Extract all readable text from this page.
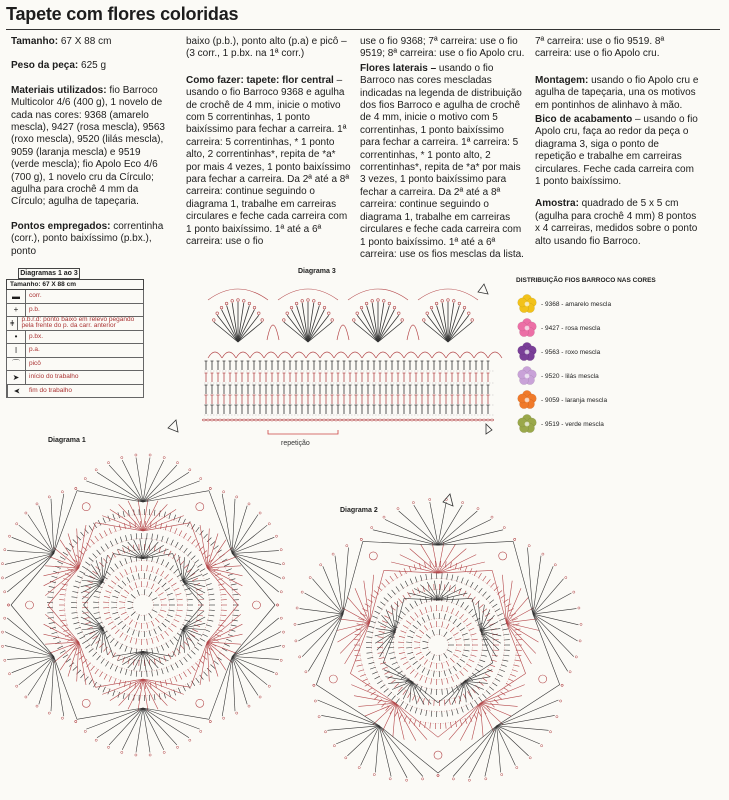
Tapete com flores coloridas

Tamanho: 67 X 88 cm

Peso da peça: 625 g

Materiais utilizados: fio Barroco Multicolor 4/6 (400 g), 1 novelo de cada nas cores: 9368 (amarelo mescla), 9427 (rosa mescla), 9563 (roxo mescla), 9520 (lilás mescla), 9059 (laranja mescla) e 9519 (verde mescla); fio Apolo Eco 4/6 (700 g), 1 novelo cru da Círculo; agulha para crochê 4 mm da Círculo; agulha de tapeçaria.

Pontos empregados: correntinha (corr.), ponto baixíssimo (p.bx.), ponto

baixo (p.b.), ponto alto (p.a) e picô – (3 corr., 1 p.bx. na 1ª corr.)

Como fazer: tapete: flor central – usando o fio Barroco 9368 e agulha de crochê de 4 mm, inicie o motivo com 5 correntinhas, 1 ponto baixíssimo para fechar a carreira. 1ª carreira: 5 correntinhas, * 1 ponto alto, 2 correntinhas*, repita de *a* por mais 4 vezes, 1 ponto baixíssimo para fechar a carreira. Da 2ª até a 8ª carreira: continue seguindo o diagrama 1, trabalhe em carreiras circulares e feche cada carreira com 1 ponto baixíssimo. 1ª até a 6ª carreira: use o fio

use o fio 9368; 7ª carreira: use o fio 9519; 8ª carreira: use o fio Apolo cru.

Flores laterais – usando o fio Barroco nas cores mescladas indicadas na legenda de distribuição dos fios Barroco e agulha de crochê de 4 mm, inicie o motivo com 5 correntinhas, 1 ponto baixíssimo para fechar a carreira. 1ª carreira: 5 correntinhas, * 1 ponto alto, 2 correntinhas*, repita de *a* por mais 3 vezes, 1 ponto baixíssimo para fechar a carreira. Da 2ª até a 8ª carreira: continue seguindo o diagrama 1, trabalhe em carreiras circulares e feche cada carreira com 1 ponto baixíssimo. 1ª até a 6ª carreira: use os fios mesclas da lista.

7ª carreira: use o fio 9519. 8ª carreira: use o fio Apolo cru.

Montagem: usando o fio Apolo cru e agulha de tapeçaria, una os motivos em pontinhos de alinhavo à mão.

Bico de acabamento – usando o fio Apolo cru, faça ao redor da peça o diagrama 3, siga o ponto de repetição e trabalhe em carreiras circulares. Feche cada carreira com 1 ponto baixíssimo.

Amostra: quadrado de 5 x 5 cm (agulha para crochê 4 mm) 8 pontos x 4 carreiras, medidos sobre o ponto alto usando fio Barroco.

Diagramas 1 ao 3
Tamanho: 67 X 88 cm
▬	corr.
+	p.b.
ǂ	p.b.r.d: ponto baixo em relevo pegando pela frente do p. da carr. anterior
•	p.bx.
ǀ	p.a.
⌒	picô
➤	início do trabalho
➤	fim do trabalho
Diagrama 3
Diagrama 1
Diagrama 2
repetição
DISTRIBUIÇÃO FIOS BARROCO NAS CORES
- 9368 - amarelo mescla
- 9427 - rosa mescla
- 9563 - roxo mescla
- 9520 - lilás mescla
- 9059 - laranja mescla
- 9519 - verde mescla
